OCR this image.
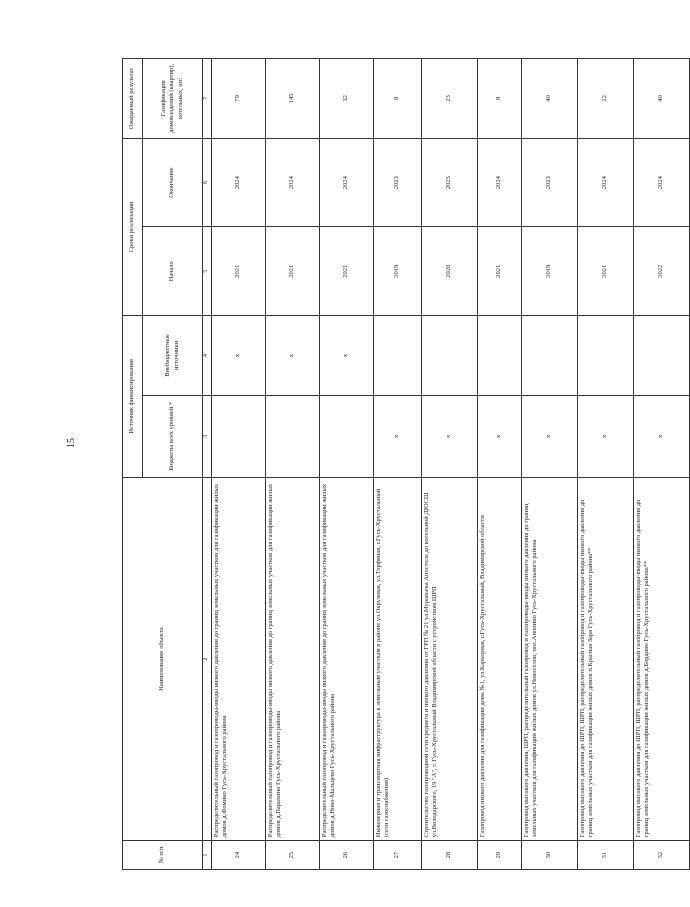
15
№ п/п	Наименование объекта	Источник финансирования		Сроки реализации		Ожидаемый результат
		Бюджеты всех уровней *	Внебюджетные источники	Начало	Окончание	Газификация домовладений (квартир), котельных, шт.
1	2	3	4	5	6	7
24	Распределительный газопровод и газопроводы-вводы низкого давления до границ земельных участков для газификации жилых домов д.Фомино Гусь-Хрустального района		x	2021	2024	79
25	Распределительный газопровод и газопроводы-вводы низкого давления до границ земельных участков для газификации жилых домов д.Парахино Гусь-Хрустального района		x	2021	2024	145
26	Распределительный газопровод и газопроводы-вводы низкого давления до границ земельных участков для газификации жилых домов д.Ново-Мальцево Гусь-Хрустального района		x	2021	2024	32
27	Инженерная и транспортная инфраструктура к земельным участкам в районе ул.Окружная, ул.Торфяная, г.Гусь-Хрустальный (сети газоснабжения)	x		2019	2023	8
28	Строительство газопроводной сети среднего и низкого давления от ГРП № 21 ул.Муравьева Апостола до котельной ДЮСШ ул.Володарского, 19 "А", г. Гусь-Хрустальный Владимирской области с устройством ШРП	x		2020	2025	23
29	Газопровод низкого давления для газификации дома №1, ул.Карьерная, г.Гусь-Хрустальный, Владимирской области	x		2021	2024	8
30	Газопровод высокого давления, ШРП, распределительный газопровод и газопроводы-вводы низкого давления до границ земельных участков для газификации жилых домов ул.Новоселов, пос.Анопино Гусь-Хрустального района	x		2019	2023	40
31	Газопровод высокого давления до ШРП, ШРП, распределительный газопровод и газопроводы-вводы низкого давления до границ земельных участков для газификации жилых домов п.Красная Заря Гусь-Хрустального района**	x		2021	2024	22
32	Газопровод высокого давления до ШРП, ШРП, распределительный газопровод и газопроводы-вводы низкого давления до границ земельных участков для газификации жилых домов д.Бордино Гусь-Хрустального района**	x		2022	2024	40
